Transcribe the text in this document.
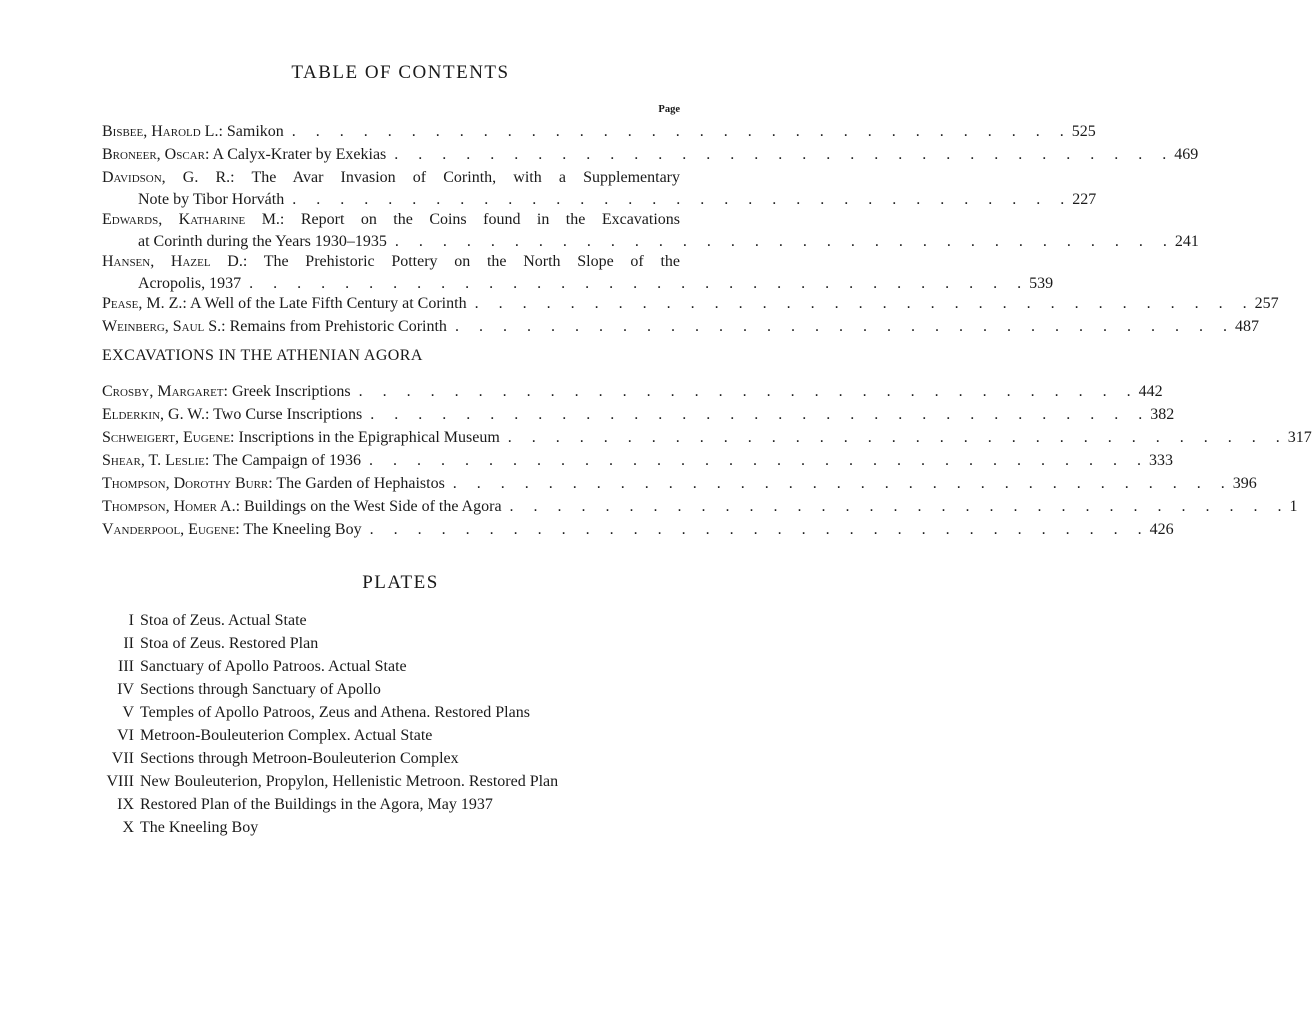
TABLE OF CONTENTS
Page
Bisbee, Harold L.: Samikon . . . . . . . . . . . . . . . . . . . . . . . . . . . . . . . . . 525
Broneer, Oscar: A Calyx-Krater by Exekias . . . . . . . . . . . . . . . . . . . . . . . . . . . . . . . . . 469
Davidson, G. R.: The Avar Invasion of Corinth, with a Supplementary
Note by Tibor Horváth . . . . . . . . . . . . . . . . . . . . . . . . . . . . . . . . . 227
Edwards, Katharine M.: Report on the Coins found in the Excavations
at Corinth during the Years 1930–1935 . . . . . . . . . . . . . . . . . . . . . . . . . . . . . . . . . 241
Hansen, Hazel D.: The Prehistoric Pottery on the North Slope of the
Acropolis, 1937 . . . . . . . . . . . . . . . . . . . . . . . . . . . . . . . . . 539
Pease, M. Z.: A Well of the Late Fifth Century at Corinth . . . . . . . . . . . . . . . . . . . . . . . . . . . . . . . . . 257
Weinberg, Saul S.: Remains from Prehistoric Corinth . . . . . . . . . . . . . . . . . . . . . . . . . . . . . . . . . 487
EXCAVATIONS IN THE ATHENIAN AGORA
Crosby, Margaret: Greek Inscriptions . . . . . . . . . . . . . . . . . . . . . . . . . . . . . . . . . 442
Elderkin, G. W.: Two Curse Inscriptions . . . . . . . . . . . . . . . . . . . . . . . . . . . . . . . . . 382
Schweigert, Eugene: Inscriptions in the Epigraphical Museum . . . . . . . . . . . . . . . . . . . . . . . . . . . . . . . . . 317
Shear, T. Leslie: The Campaign of 1936 . . . . . . . . . . . . . . . . . . . . . . . . . . . . . . . . . 333
Thompson, Dorothy Burr: The Garden of Hephaistos . . . . . . . . . . . . . . . . . . . . . . . . . . . . . . . . . 396
Thompson, Homer A.: Buildings on the West Side of the Agora . . . . . . . . . . . . . . . . . . . . . . . . . . . . . . . . . 1
Vanderpool, Eugene: The Kneeling Boy . . . . . . . . . . . . . . . . . . . . . . . . . . . . . . . . . 426
PLATES
I Stoa of Zeus. Actual State
II Stoa of Zeus. Restored Plan
III Sanctuary of Apollo Patroos. Actual State
IV Sections through Sanctuary of Apollo
V Temples of Apollo Patroos, Zeus and Athena. Restored Plans
VI Metroon-Bouleuterion Complex. Actual State
VII Sections through Metroon-Bouleuterion Complex
VIII New Bouleuterion, Propylon, Hellenistic Metroon. Restored Plan
IX Restored Plan of the Buildings in the Agora, May 1937
X The Kneeling Boy
